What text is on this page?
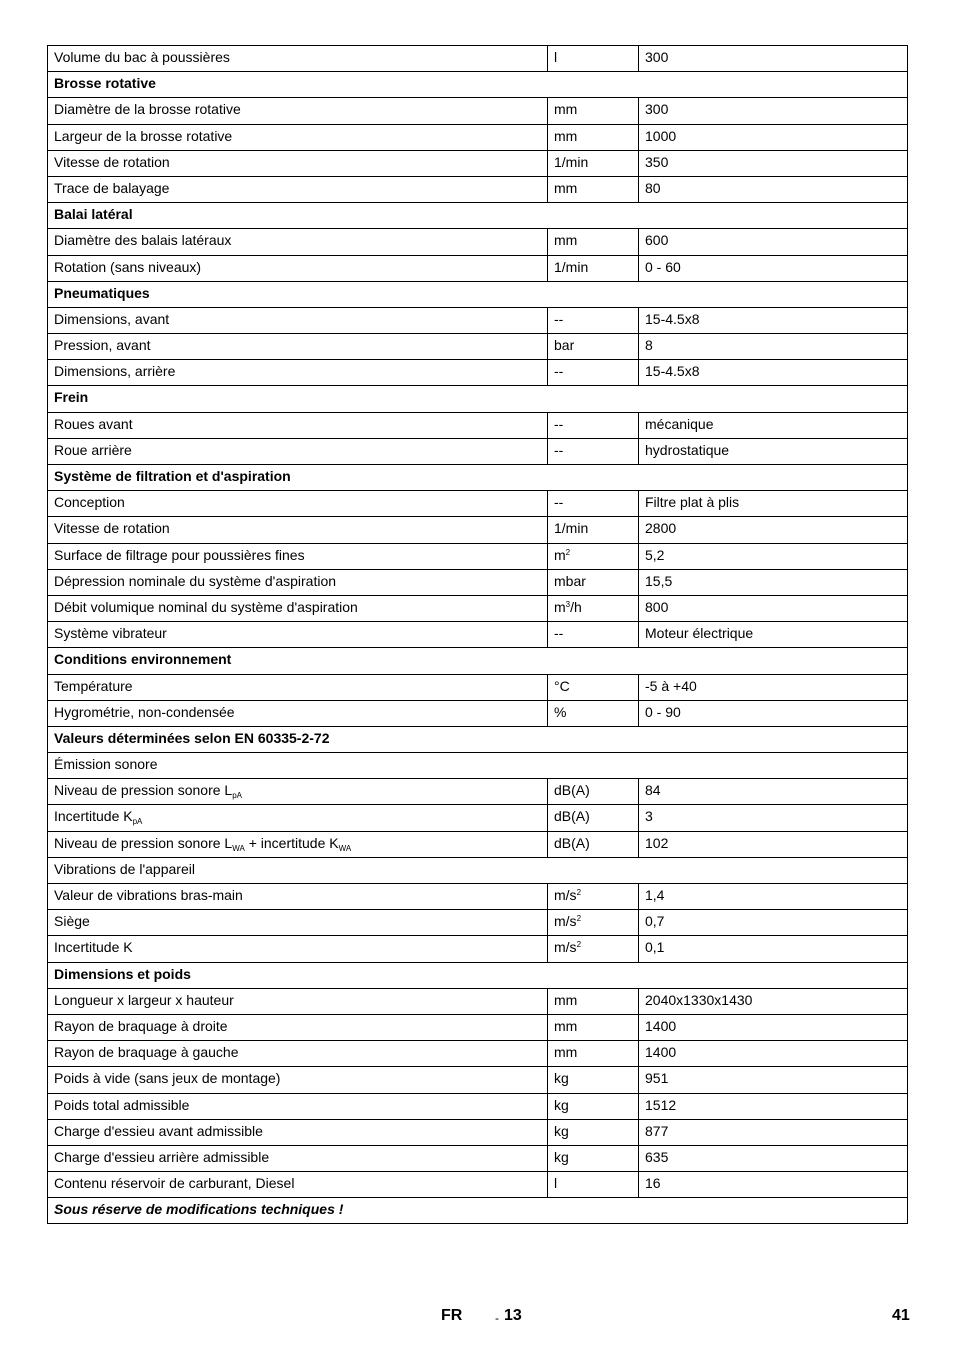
Volume du bac à poussières	l	300
Brosse rotative		
Diamètre de la brosse rotative	mm	300
Largeur de la brosse rotative	mm	1000
Vitesse de rotation	1/min	350
Trace de balayage	mm	80
Balai latéral		
Diamètre des balais latéraux	mm	600
Rotation (sans niveaux)	1/min	0 - 60
Pneumatiques		
Dimensions, avant	--	15-4.5x8
Pression, avant	bar	8
Dimensions, arrière	--	15-4.5x8
Frein		
Roues avant	--	mécanique
Roue arrière	--	hydrostatique
Système de filtration et d'aspiration		
Conception	--	Filtre plat à plis
Vitesse de rotation	1/min	2800
Surface de filtrage pour poussières fines	$m^2$	5,2
Dépression nominale du système d'aspiration	mbar	15,5
Débit volumique nominal du système d'aspiration	$m^3/h$	800
Système vibrateur	--	Moteur électrique
Conditions environnement		
Température	°C	-5 à +40
Hygrométrie, non-condensée	%	0 - 90
Valeurs déterminées selon EN 60335-2-72		
Émission sonore		
Niveau de pression sonore $L_{pA}$	dB(A)	84
Incertitude $K_{pA}$	dB(A)	3
Niveau de pression sonore $L_{WA}$ + incertitude $K_{WA}$	dB(A)	102
Vibrations de l'appareil		
Valeur de vibrations bras-main	$m/s^2$	1,4
Siège	$m/s^2$	0,7
Incertitude K	$m/s^2$	0,1
Dimensions et poids		
Longueur x largeur x hauteur	mm	2040x1330x1430
Rayon de braquage à droite	mm	1400
Rayon de braquage à gauche	mm	1400
Poids à vide (sans jeux de montage)	kg	951
Poids total admissible	kg	1512
Charge d'essieu avant admissible	kg	877
Charge d'essieu arrière admissible	kg	635
Contenu réservoir de carburant, Diesel	l	16
Sous réserve de modifications techniques !		
FR	- 13	41
